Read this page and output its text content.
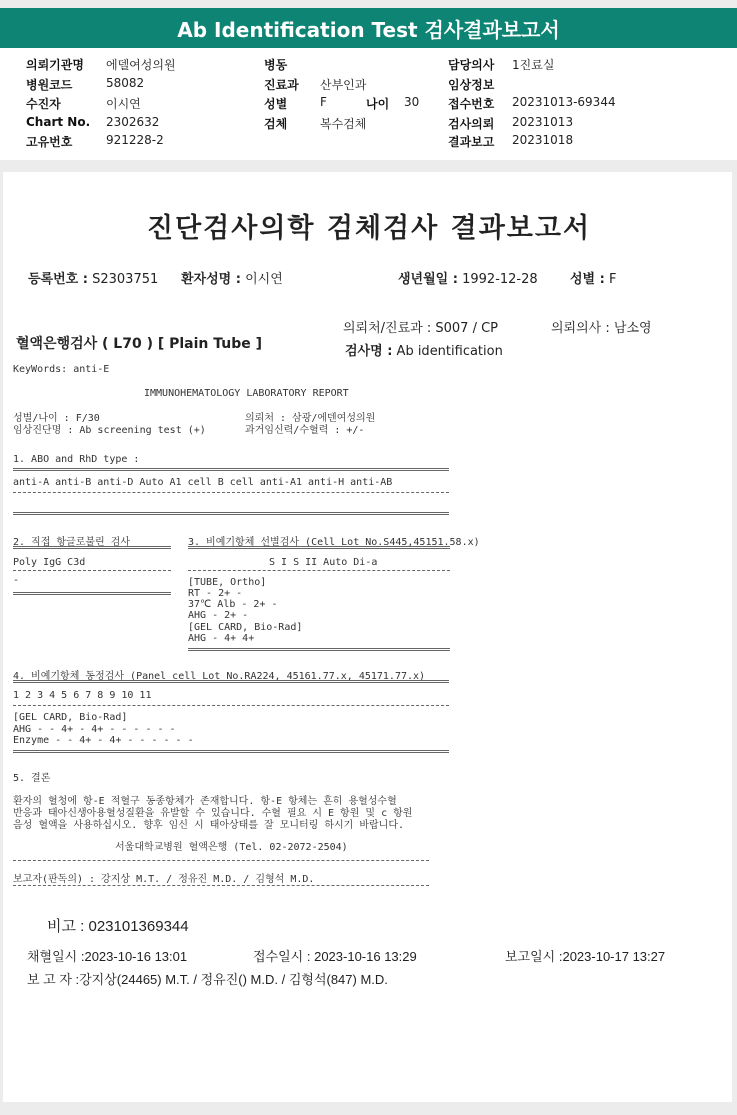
Ab Identification Test 검사결과보고서
의뢰기관명 에델여성의원
병원코드	58082
수진자	이시연
Chart No. 2302632
고유번호	921228-2
병동
진료과 산부인과
성별	F	나이 30
검체	복수검체
담당의사 1진료실
임상정보
접수번호 20231013-69344
검사의뢰 20231013
결과보고 20231018
진단검사의학 검체검사 결과보고서
등록번호 : S2303751 환자성명 : 이시연	생년월일 : 1992-12-28 성별 : F
의뢰처/진료과 : S007 / CP	의뢰의사 : 남소영
혈액은행검사 ( L70 ) [ Plain Tube ]	검사명 : Ab identification
KeyWords: anti-E
IMMUNOHEMATOLOGY LABORATORY REPORT
성별/나이 : F/30	의뢰처 : 삼광/에덴여성의원
임상진단명 : Ab screening test (+)	과거임신력/수혈력 : +/-
1. ABO and RhD type :
anti-A anti-B anti-D Auto A1 cell B cell anti-A1 anti-H anti-AB
2. 직접 항글로불린 검사
Poly IgG C3d
-
3. 비예기항체 선별검사 (Cell Lot No.S445,45151.58.x)
S I S II Auto Di-a
[TUBE, Ortho]
RT - 2+ -
37℃ Alb - 2+ -
AHG - 2+ -
[GEL CARD, Bio-Rad]
AHG - 4+ 4+
4. 비예기항체 동정검사 (Panel cell Lot No.RA224, 45161.77.x, 45171.77.x)
1 2 3 4 5 6 7 8 9 10 11
[GEL CARD, Bio-Rad]
AHG - - 4+ - 4+ - - - - - -
Enzyme - - 4+ - 4+ - - - - - -
5. 결론
환자의 혈청에 항-E 적혈구 동종항체가 존재합니다. 항-E 항체는 흔히 용혈성수혈
반응과 태아신생아용혈성질환을 유발할 수 있습니다. 수혈 필요 시 E 항원 및 c 항원
음성 혈액을 사용하십시오. 향후 임신 시 태아상태를 잘 모니터링 하시기 바랍니다.
서울대학교병원 혈액은행 (Tel. 02-2072-2504)
보고자(판독의) : 강지상 M.T. / 정유진 M.D. / 김형석 M.D.
비고 : 023101369344
채혈일시 :2023-10-16 13:01	접수일시 : 2023-10-16 13:29	보고일시 :2023-10-17 13:27
보 고 자 :강지상(24465) M.T. / 정유진() M.D. / 김형석(847) M.D.
